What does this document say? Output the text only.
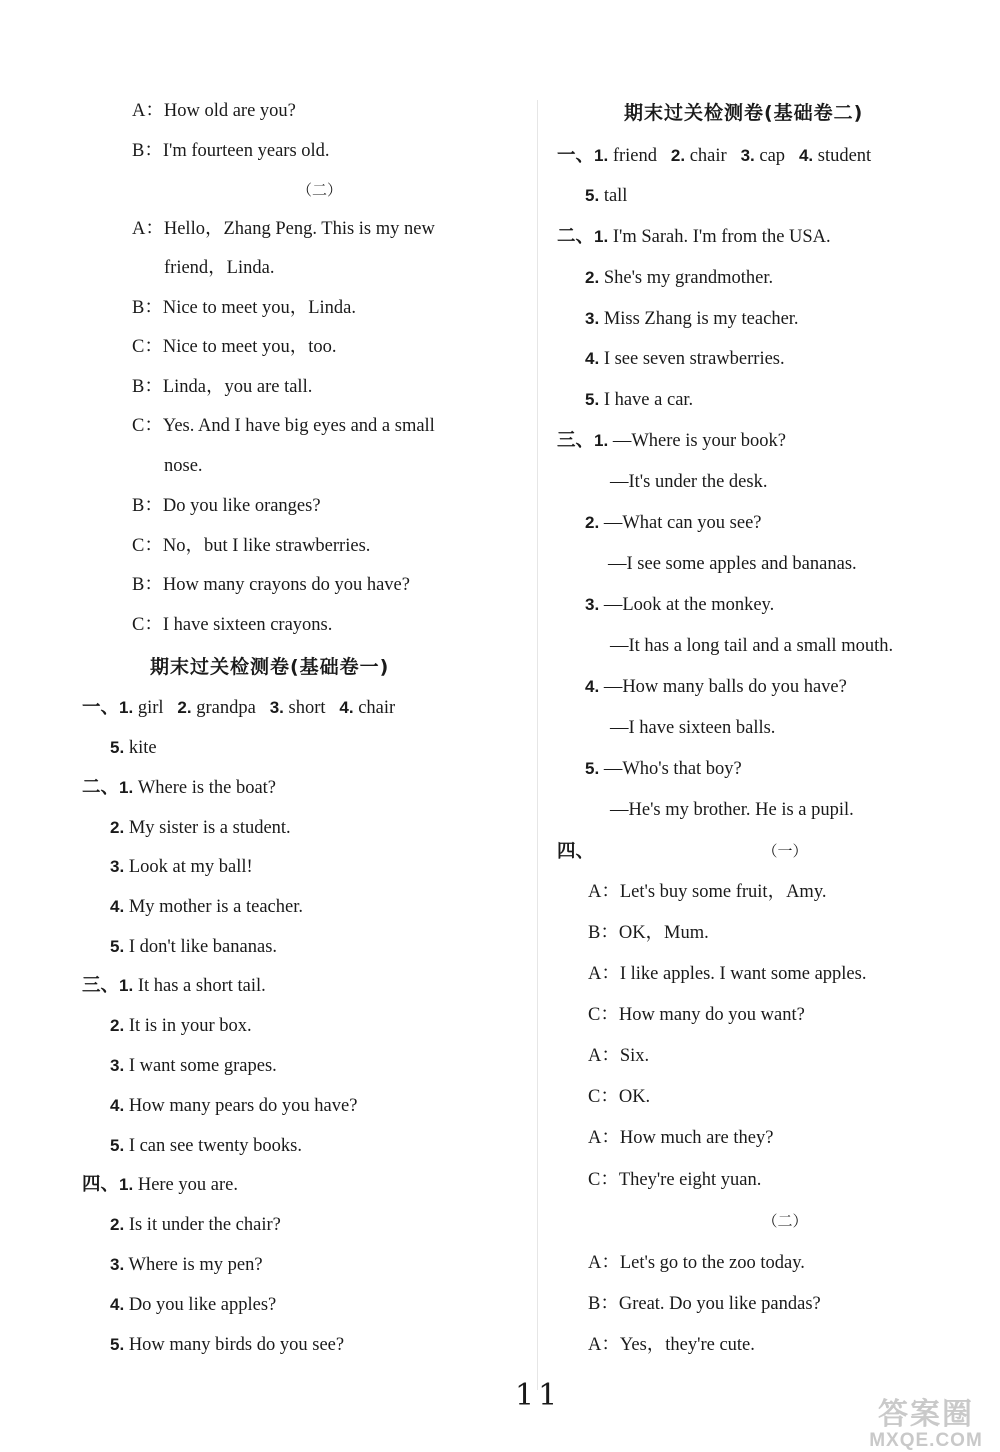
A：How old are you?
B：I'm fourteen years old.
（二）
A：Hello，Zhang Peng. This is my new
friend，Linda.
B：Nice to meet you，Linda.
C：Nice to meet you，too.
B：Linda，you are tall.
C：Yes. And I have big eyes and a small
nose.
B：Do you like oranges?
C：No，but I like strawberries.
B：How many crayons do you have?
C：I have sixteen crayons.
期末过关检测卷(基础卷一)
一、1. girl 2. grandpa 3. short 4. chair
5. kite
二、1. Where is the boat?
2. My sister is a student.
3. Look at my ball!
4. My mother is a teacher.
5. I don't like bananas.
三、1. It has a short tail.
2. It is in your box.
3. I want some grapes.
4. How many pears do you have?
5. I can see twenty books.
四、1. Here you are.
2. Is it under the chair?
3. Where is my pen?
4. Do you like apples?
5. How many birds do you see?
期末过关检测卷(基础卷二)
一、1. friend 2. chair 3. cap 4. student
5. tall
二、1. I'm Sarah. I'm from the USA.
2. She's my grandmother.
3. Miss Zhang is my teacher.
4. I see seven strawberries.
5. I have a car.
三、1. —Where is your book?
—It's under the desk.
2. —What can you see?
—I see some apples and bananas.
3. —Look at the monkey.
—It has a long tail and a small mouth.
4. —How many balls do you have?
—I have sixteen balls.
5. —Who's that boy?
—He's my brother. He is a pupil.
四、	（一）
A：Let's buy some fruit，Amy.
B：OK，Mum.
A：I like apples. I want some apples.
C：How many do you want?
A：Six.
C：OK.
A：How much are they?
C：They're eight yuan.
（二）
A：Let's go to the zoo today.
B：Great. Do you like pandas?
A：Yes，they're cute.
11
答案圈
MXQE.COM
